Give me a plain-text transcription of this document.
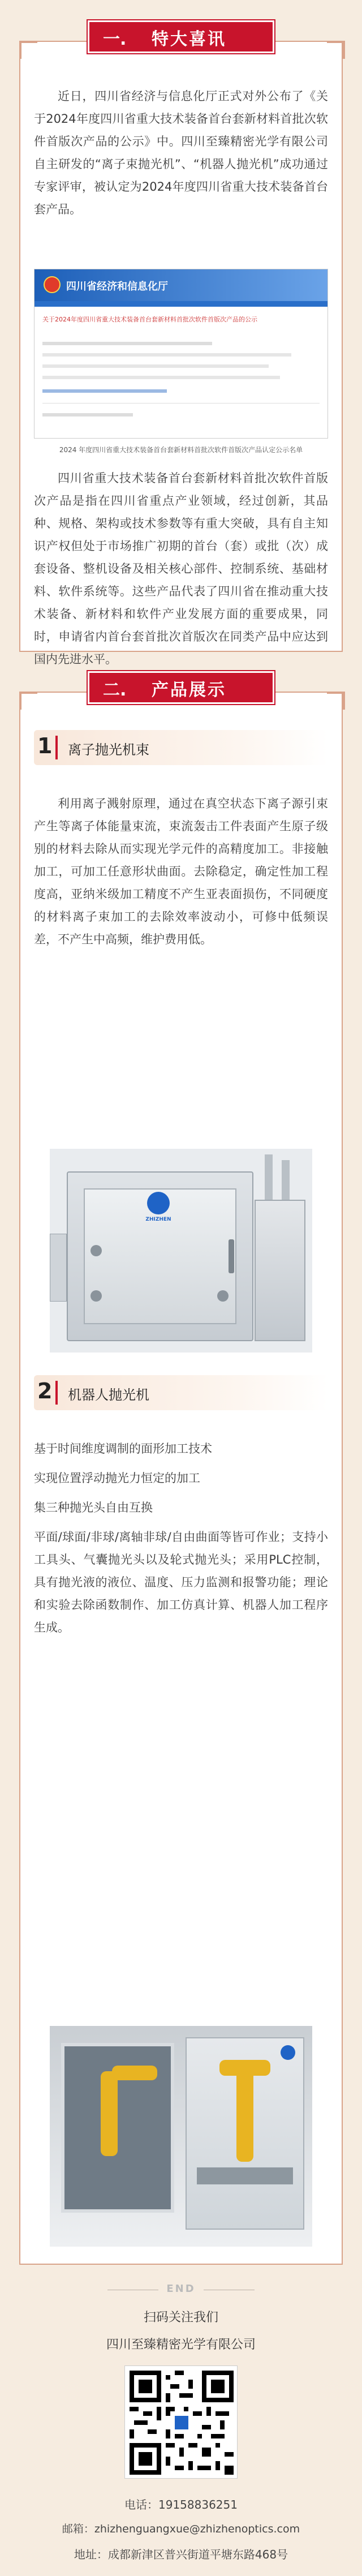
一. 特大喜讯

近日，四川省经济与信息化厅正式对外公布了《关于2024年度四川省重大技术装备首台套新材料首批次软件首版次产品的公示》中。四川至臻精密光学有限公司自主研发的“离子束抛光机”、“机器人抛光机”成功通过专家评审，被认定为2024年度四川省重大技术装备首台套产品。

四川省经济和信息化厅
关于2024年度四川省重大技术装备首台套新材料首批次软件首版次产品的公示
2024 年度四川省重大技术装备首台套新材料首批次软件首版次产品认定公示名单

四川省重大技术装备首台套新材料首批次软件首版次产品是指在四川省重点产业领域，经过创新，其品种、规格、架构或技术参数等有重大突破，具有自主知识产权但处于市场推广初期的首台（套）或批（次）成套设备、整机设备及相关核心部件、控制系统、基础材料、软件系统等。这些产品代表了四川省在推动重大技术装备、新材料和软件产业发展方面的重要成果，同时，申请省内首台套首批次首版次在同类产品中应达到国内先进水平。

二. 产品展示
1 离子抛光机束

利用离子溅射原理，通过在真空状态下离子源引束产生等离子体能量束流，束流轰击工件表面产生原子级别的材料去除从而实现光学元件的高精度加工。非接触加工，可加工任意形状曲面。去除稳定，确定性加工程度高，亚纳米级加工精度不产生亚表面损伤，不同硬度的材料离子束加工的去除效率波动小，可修中低频误差，不产生中高频，维护费用低。

ZHIZHEN
2 机器人抛光机

基于时间维度调制的面形加工技术

实现位置浮动抛光力恒定的加工

集三种抛光头自由互换

平面/球面/非球/离轴非球/自由曲面等皆可作业；支持小工具头、气囊抛光头以及轮式抛光头；采用PLC控制，具有抛光液的液位、温度、压力监测和报警功能；理论和实验去除函数制作、加工仿真计算、机器人加工程序生成。

END
扫码关注我们
四川至臻精密光学有限公司
电话：19158836251
邮箱：zhizhenguangxue@zhizhenoptics.com
地址：成都新津区普兴街道平塘东路468号
